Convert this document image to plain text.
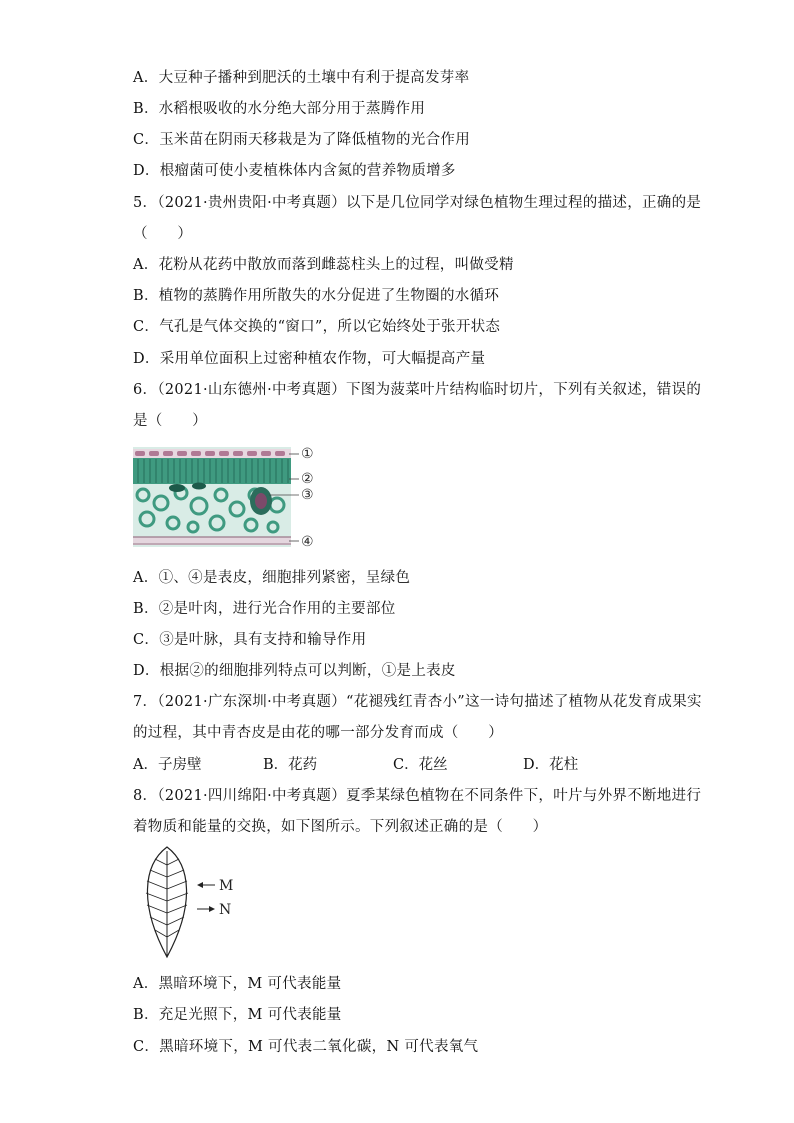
A．大豆种子播种到肥沃的土壤中有利于提高发芽率
B．水稻根吸收的水分绝大部分用于蒸腾作用
C．玉米苗在阴雨天移栽是为了降低植物的光合作用
D．根瘤菌可使小麦植株体内含氮的营养物质增多
5．（2021·贵州贵阳·中考真题）以下是几位同学对绿色植物生理过程的描述，正确的是
（　　）
A．花粉从花药中散放而落到雌蕊柱头上的过程，叫做受精
B．植物的蒸腾作用所散失的水分促进了生物圈的水循环
C．气孔是气体交换的“窗口”，所以它始终处于张开状态
D．采用单位面积上过密种植农作物，可大幅提高产量
6．（2021·山东德州·中考真题）下图为菠菜叶片结构临时切片，下列有关叙述，错误的
是（　　）
①
②
③
④
A．①、④是表皮，细胞排列紧密，呈绿色
B．②是叶肉，进行光合作用的主要部位
C．③是叶脉，具有支持和输导作用
D．根据②的细胞排列特点可以判断，①是上表皮
7．（2021·广东深圳·中考真题）“花褪残红青杏小”这一诗句描述了植物从花发育成果实
的过程，其中青杏皮是由花的哪一部分发育而成（　　）
A．子房壁	B．花药	C．花丝	D．花柱
8．（2021·四川绵阳·中考真题）夏季某绿色植物在不同条件下，叶片与外界不断地进行
着物质和能量的交换，如下图所示。下列叙述正确的是（　　）
M
N
A．黑暗环境下，M 可代表能量
B．充足光照下，M 可代表能量
C．黑暗环境下，M 可代表二氧化碳，N 可代表氧气
